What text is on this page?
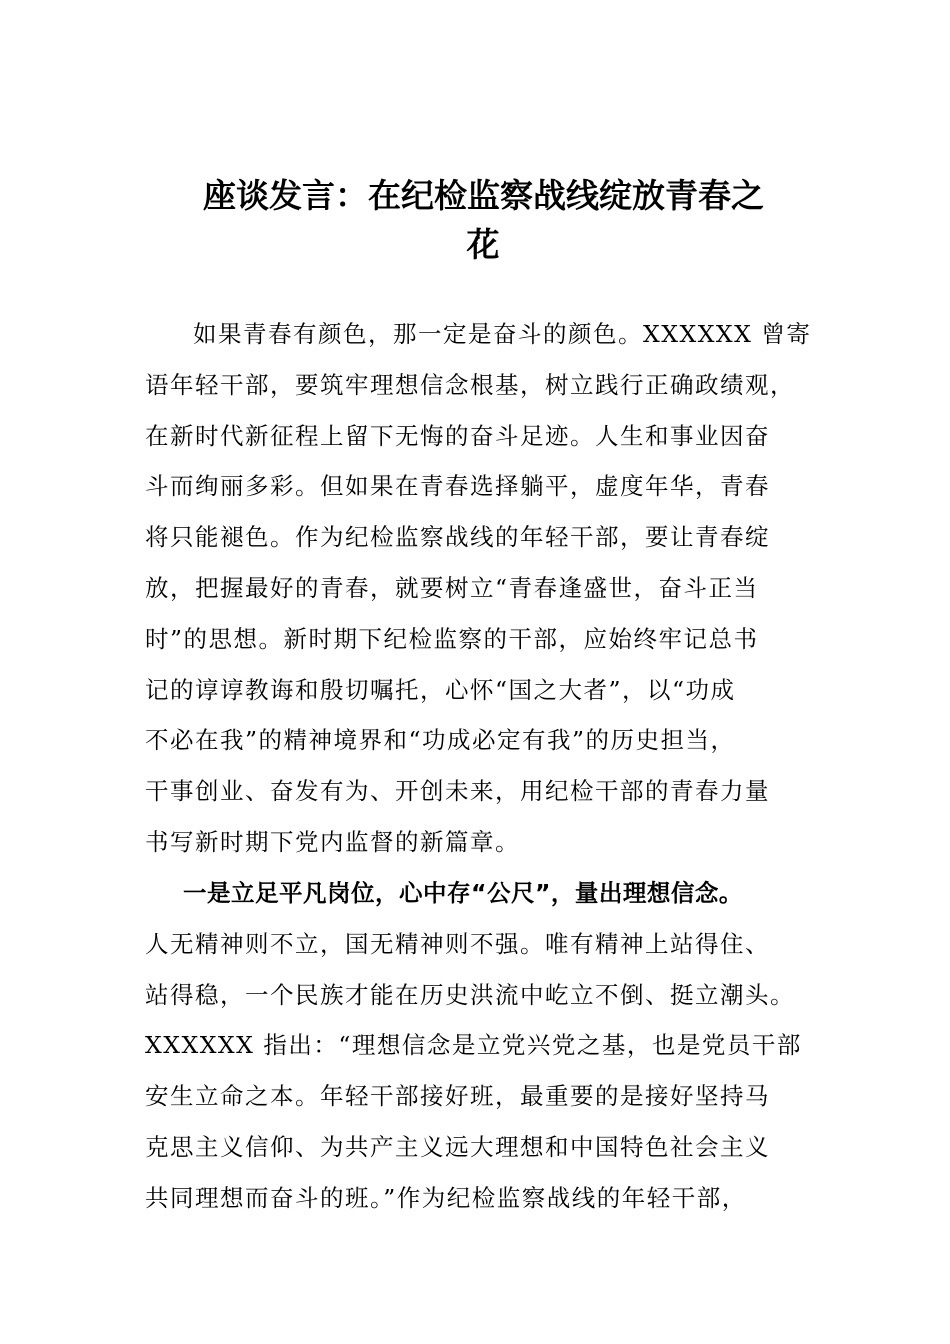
座谈发言：在纪检监察战线绽放青春之
花
如果青春有颜色，那一定是奋斗的颜色。XXXXXX 曾寄
语年轻干部，要筑牢理想信念根基，树立践行正确政绩观，
在新时代新征程上留下无悔的奋斗足迹。人生和事业因奋
斗而绚丽多彩。但如果在青春选择躺平，虚度年华，青春
将只能褪色。作为纪检监察战线的年轻干部，要让青春绽
放，把握最好的青春，就要树立“青春逢盛世，奋斗正当
时”的思想。新时期下纪检监察的干部，应始终牢记总书
记的谆谆教诲和殷切嘱托，心怀“国之大者”，以“功成
不必在我”的精神境界和“功成必定有我”的历史担当，
干事创业、奋发有为、开创未来，用纪检干部的青春力量
书写新时期下党内监督的新篇章。
一是立足平凡岗位，心中存“公尺”，量出理想信念。
人无精神则不立，国无精神则不强。唯有精神上站得住、
站得稳，一个民族才能在历史洪流中屹立不倒、挺立潮头。
XXXXXX 指出：“理想信念是立党兴党之基，也是党员干部
安生立命之本。年轻干部接好班，最重要的是接好坚持马
克思主义信仰、为共产主义远大理想和中国特色社会主义
共同理想而奋斗的班。”作为纪检监察战线的年轻干部，
